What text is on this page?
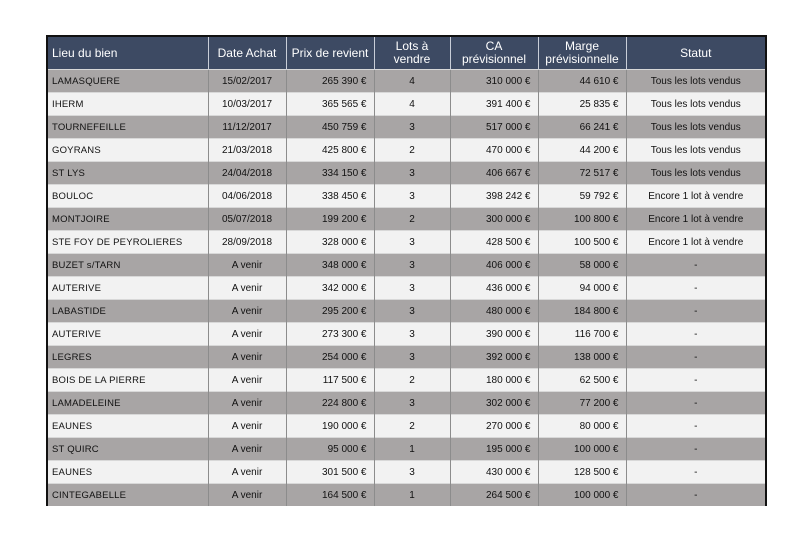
Lieu du bien	Date Achat	Prix de revient	Lots à vendre	CA prévisionnel	Marge prévisionnelle	Statut
LAMASQUERE	15/02/2017	265 390 €	4	310 000 €	44 610 €	Tous les lots vendus
IHERM	10/03/2017	365 565 €	4	391 400 €	25 835 €	Tous les lots vendus
TOURNEFEILLE	11/12/2017	450 759 €	3	517 000 €	66 241 €	Tous les lots vendus
GOYRANS	21/03/2018	425 800 €	2	470 000 €	44 200 €	Tous les lots vendus
ST LYS	24/04/2018	334 150 €	3	406 667 €	72 517 €	Tous les lots vendus
BOULOC	04/06/2018	338 450 €	3	398 242 €	59 792 €	Encore 1 lot à vendre
MONTJOIRE	05/07/2018	199 200 €	2	300 000 €	100 800 €	Encore 1 lot à vendre
STE FOY DE PEYROLIERES	28/09/2018	328 000 €	3	428 500 €	100 500 €	Encore 1 lot à vendre
BUZET s/TARN	A venir	348 000 €	3	406 000 €	58 000 €	-
AUTERIVE	A venir	342 000 €	3	436 000 €	94 000 €	-
LABASTIDE	A venir	295 200 €	3	480 000 €	184 800 €	-
AUTERIVE	A venir	273 300 €	3	390 000 €	116 700 €	-
LEGRES	A venir	254 000 €	3	392 000 €	138 000 €	-
BOIS DE LA PIERRE	A venir	117 500 €	2	180 000 €	62 500 €	-
LAMADELEINE	A venir	224 800 €	3	302 000 €	77 200 €	-
EAUNES	A venir	190 000 €	2	270 000 €	80 000 €	-
ST QUIRC	A venir	95 000 €	1	195 000 €	100 000 €	-
EAUNES	A venir	301 500 €	3	430 000 €	128 500 €	-
CINTEGABELLE	A venir	164 500 €	1	264 500 €	100 000 €	-
